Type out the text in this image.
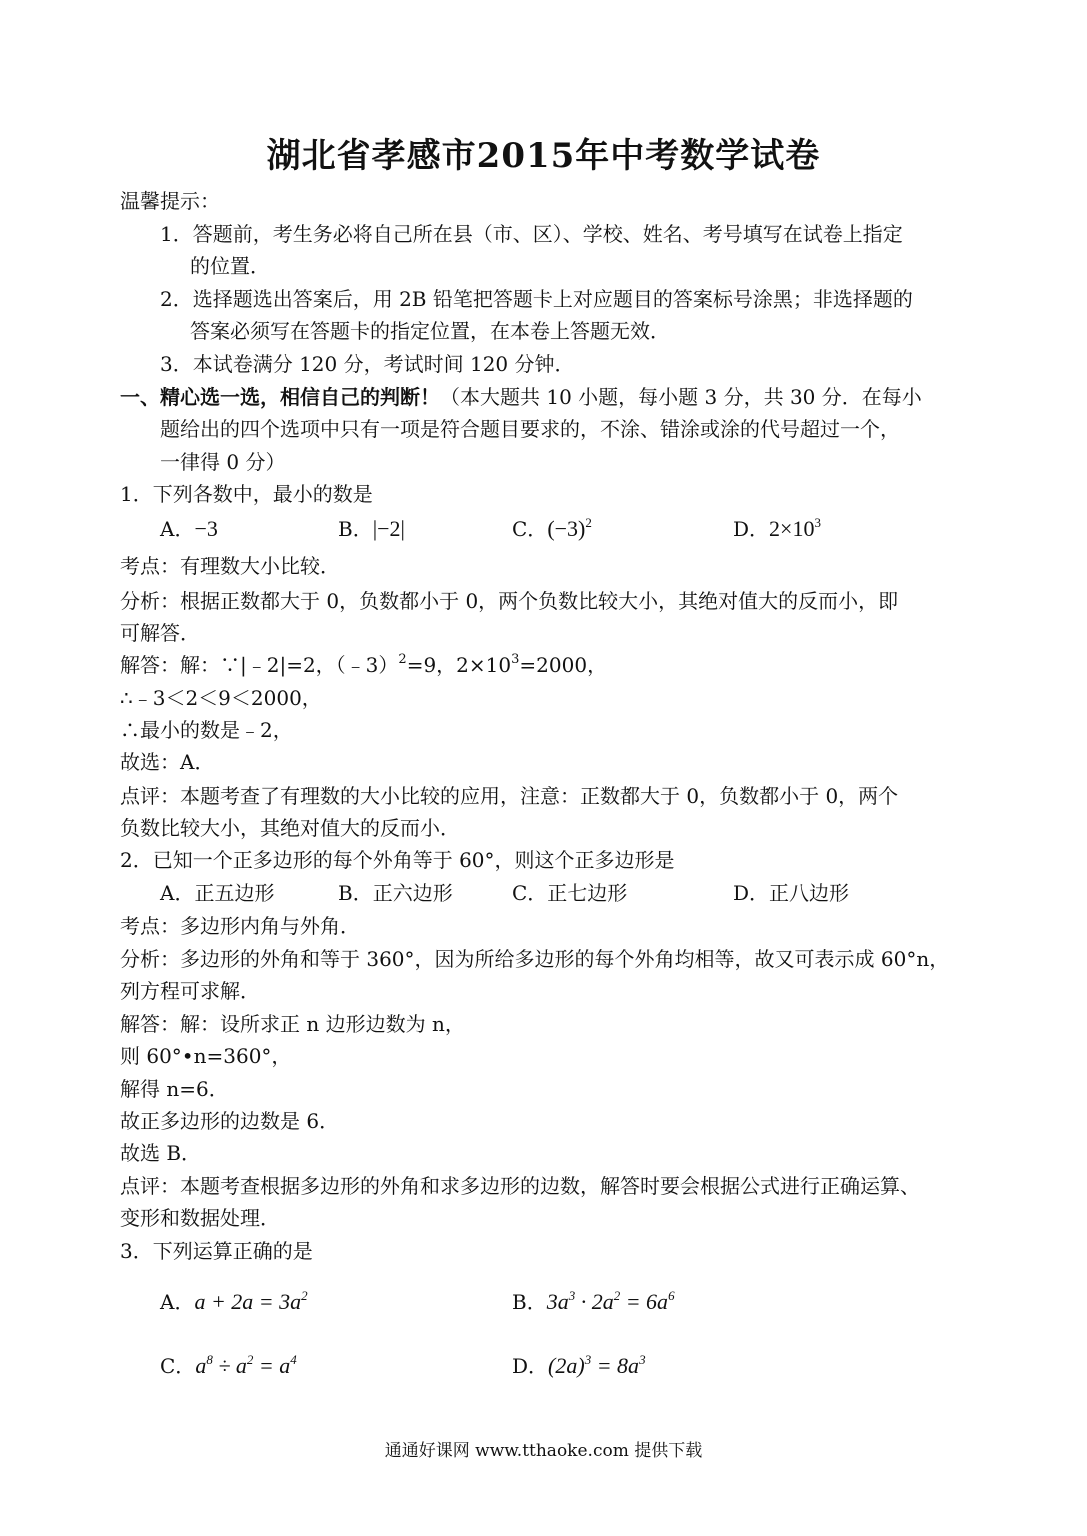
湖北省孝感市2015年中考数学试卷
温馨提示：
1．答题前，考生务必将自己所在县（市、区）、学校、姓名、考号填写在试卷上指定
的位置．
2．选择题选出答案后，用 2B 铅笔把答题卡上对应题目的答案标号涂黑；非选择题的
答案必须写在答题卡的指定位置，在本卷上答题无效．
3．本试卷满分 120 分，考试时间 120 分钟．
一、精心选一选，相信自己的判断！（本大题共 10 小题，每小题 3 分，共 30 分．在每小
题给出的四个选项中只有一项是符合题目要求的，不涂、错涂或涂的代号超过一个，
一律得 0 分）
1．下列各数中，最小的数是
A．−3	B．|−2|	C．$(-3)^2$	D．$2\times 10^3$
考点：有理数大小比较．
分析：根据正数都大于 0，负数都小于 0，两个负数比较大小，其绝对值大的反而小，即
可解答．
解答：解：∵|﹣2|=2，（﹣3）$^2$=9，$2\times 10^3=2000$，
∴﹣3＜2＜9＜2000，
∴最小的数是﹣2，
故选：A．
点评：本题考查了有理数的大小比较的应用，注意：正数都大于 0，负数都小于 0，两个
负数比较大小，其绝对值大的反而小．
2．已知一个正多边形的每个外角等于 60°，则这个正多边形是
A．正五边形	B．正六边形	C．正七边形	D．正八边形
考点：多边形内角与外角．
分析：多边形的外角和等于 360°，因为所给多边形的每个外角均相等，故又可表示成 60°n，
列方程可求解．
解答：解：设所求正 n 边形边数为 n，
则 60°•n=360°，
解得 n=6．
故正多边形的边数是 6．
故选 B．
点评：本题考查根据多边形的外角和求多边形的边数，解答时要会根据公式进行正确运算、
变形和数据处理．
3．下列运算正确的是
A．$a + 2a = 3a^2$	B．$3a^3 \cdot 2a^2 = 6a^6$
C．$a^8 \div a^2 = a^4$	D．$(2a)^3 = 8a^3$
通通好课网 www.tthaoke.com 提供下载
